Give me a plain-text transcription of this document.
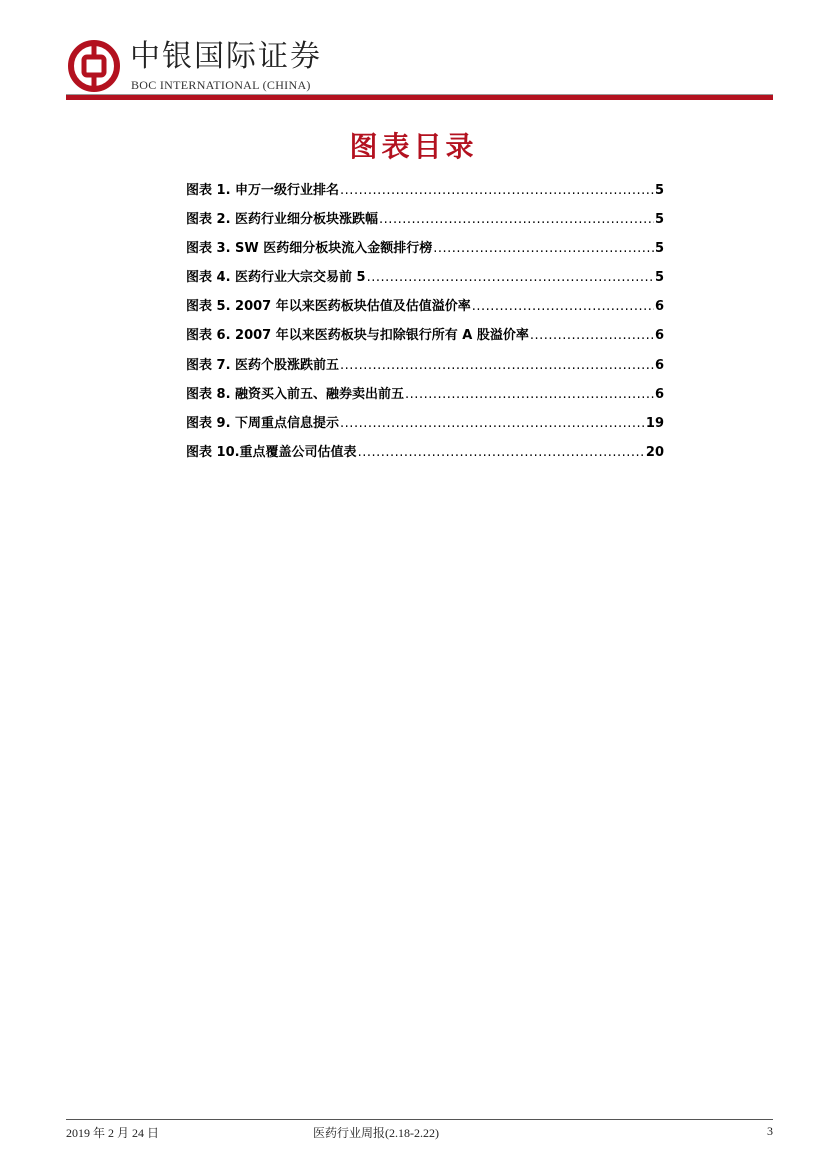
中银国际证券
BOC INTERNATIONAL (CHINA)
图表目录
图表 1. 申万一级行业排名 .....	5
图表 2. 医药行业细分板块涨跌幅 .....	5
图表 3. SW 医药细分板块流入金额排行榜 .....	5
图表 4. 医药行业大宗交易前 5 .....	5
图表 5. 2007 年以来医药板块估值及估值溢价率 .....	6
图表 6. 2007 年以来医药板块与扣除银行所有 A 股溢价率 .....	6
图表 7. 医药个股涨跌前五 .....	6
图表 8. 融资买入前五、融券卖出前五 .....	6
图表 9. 下周重点信息提示 .....	19
图表 10.重点覆盖公司估值表 .....	20
2019 年 2 月 24 日	医药行业周报(2.18-2.22)	3
